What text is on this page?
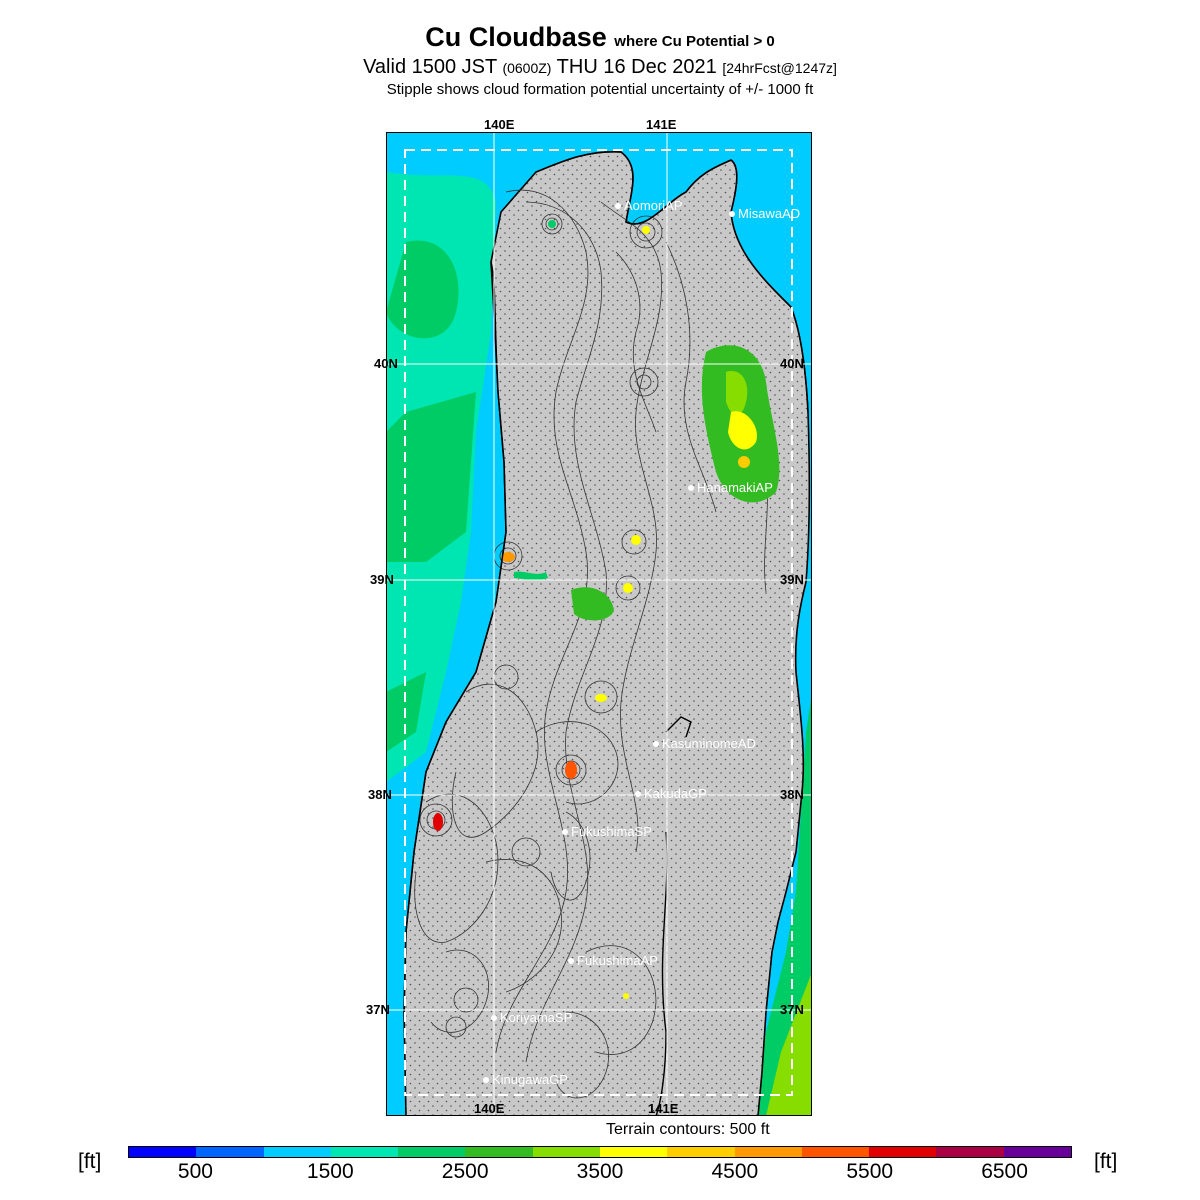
Cu Cloudbase where Cu Potential > 0
Valid 1500 JST (0600Z) THU 16 Dec 2021 [24hrFcst@1247z]
Stipple shows cloud formation potential uncertainty of +/- 1000 ft
140E	141E
140E	141E
40N	40N
39N	39N
38N	38N
37N	37N
AomoriAP
MisawaAD
HanamakiAP
KasuminomeAD
KakudaGP
FukushimaSP
FukushimaAP
KoriyamaSP
KinugawaGP
Terrain contours: 500 ft
[ft]	[ft]
500	1500	2500	3500	4500	5500	6500
